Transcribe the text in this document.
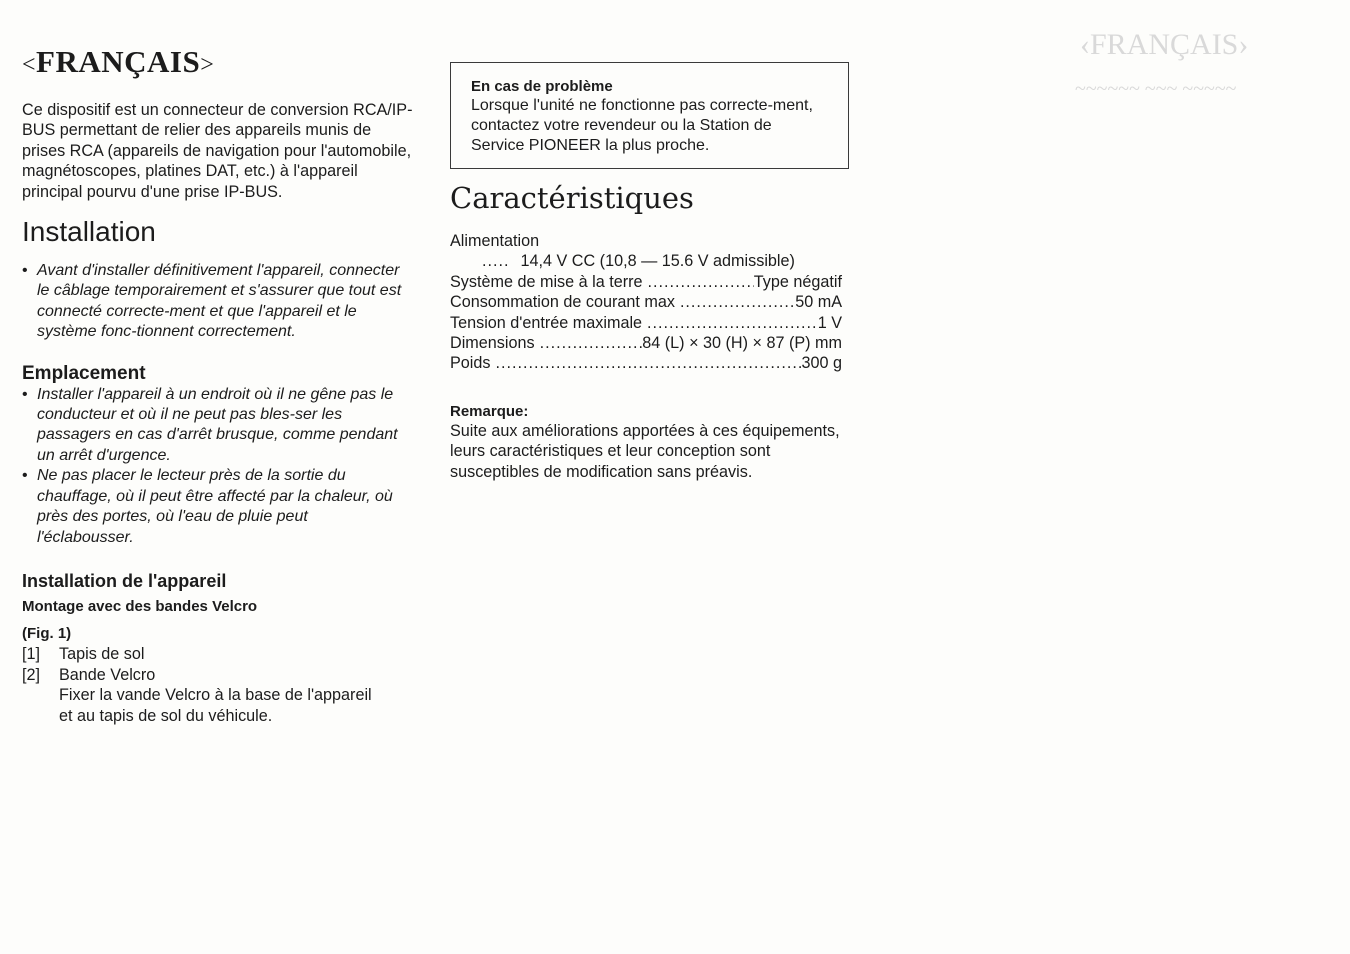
‹FRANÇAIS›
~~~~~~ ~~~ ~~~~~
<FRANÇAIS>

Ce dispositif est un connecteur de conversion RCA/IP-BUS permettant de relier des appareils munis de prises RCA (appareils de navigation pour l'automobile, magnétoscopes, platines DAT, etc.) à l'appareil principal pourvu d'une prise IP-BUS.

Installation
• Avant d'installer définitivement l'appareil, connecter le câblage temporairement et s'assurer que tout est connecté correcte-ment et que l'appareil et le système fonc-tionnent correctement.
Emplacement
• Installer l'appareil à un endroit où il ne gêne pas le conducteur et où il ne peut pas bles-ser les passagers en cas d'arrêt brusque, comme pendant un arrêt d'urgence.
• Ne pas placer le lecteur près de la sortie du chauffage, où il peut être affecté par la chaleur, où près des portes, où l'eau de pluie peut l'éclabousser.
Installation de l'appareil
Montage avec des bandes Velcro
(Fig. 1)
[1] Tapis de sol
[2] Bande Velcro

Fixer la vande Velcro à la base de l'appareil et au tapis de sol du véhicule.

En cas de problème

Lorsque l'unité ne fonctionne pas correcte-ment, contactez votre revendeur ou la Station de Service PIONEER la plus proche.

Caractéristiques
Alimentation
.....
14,4 V CC (10,8 — 15.6 V admissible)
Système de mise à la terre .....	Type négatif
Consommation de courant max .....	50 mA
Tension d'entrée maximale .....	1 V
Dimensions .....	84 (L) × 30 (H) × 87 (P) mm
Poids .....	300 g

Remarque:

Suite aux améliorations apportées à ces équipements, leurs caractéristiques et leur conception sont susceptibles de modification sans préavis.
